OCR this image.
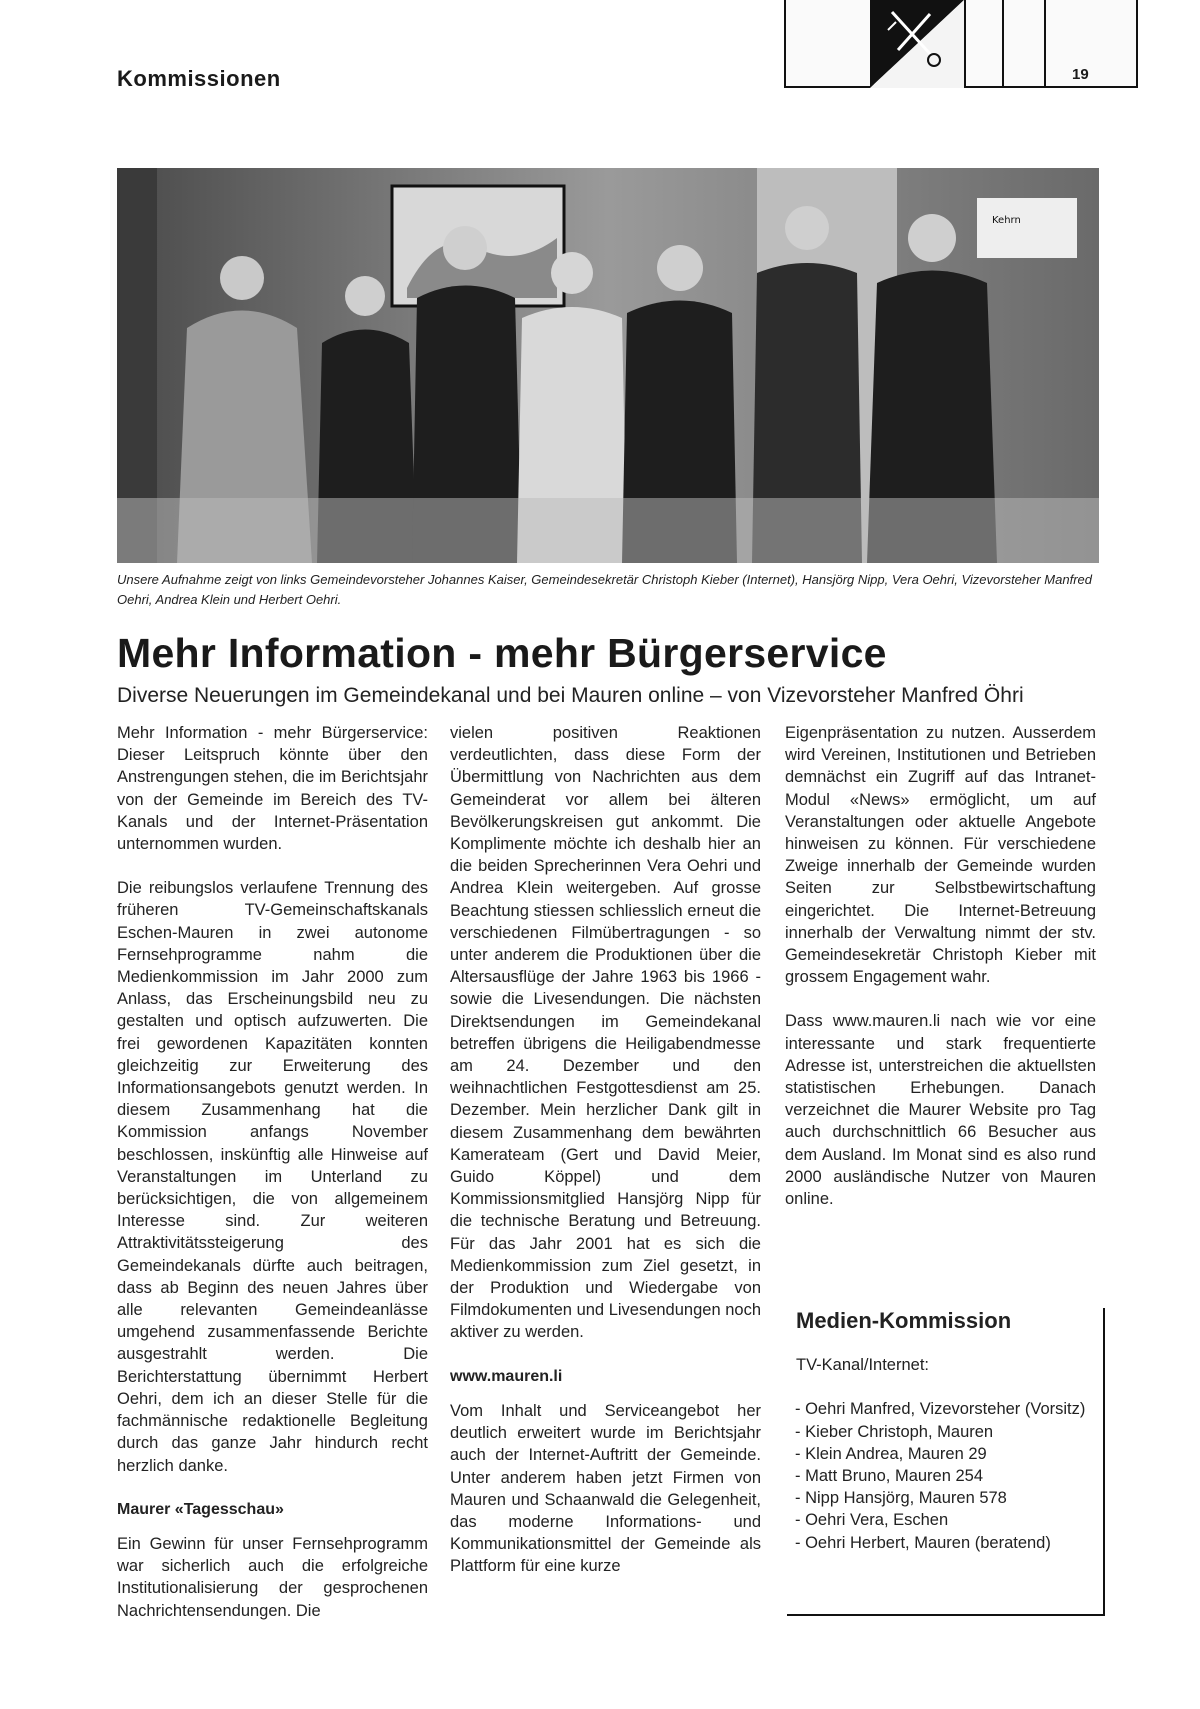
Kommissionen	19
Kehrn
Unsere Aufnahme zeigt von links Gemeindevorsteher Johannes Kaiser, Gemeindesekretär Christoph Kieber (Internet), Hansjörg Nipp, Vera Oehri, Vizevorsteher Manfred Oehri, Andrea Klein und Herbert Oehri.
Mehr Information - mehr Bürgerservice
Diverse Neuerungen im Gemeindekanal und bei Mauren online – von Vizevorsteher Manfred Öhri

Mehr Information - mehr Bürgerservice: Dieser Leitspruch könnte über den Anstrengungen stehen, die im Berichtsjahr von der Gemeinde im Bereich des TV-Kanals und der Internet-Präsentation unternommen wurden.

Die reibungslos verlaufene Trennung des früheren TV-Gemeinschaftskanals Eschen-Mauren in zwei autonome Fernsehprogramme nahm die Medienkommission im Jahr 2000 zum Anlass, das Erscheinungsbild neu zu gestalten und optisch aufzuwerten. Die frei gewordenen Kapazitäten konnten gleichzeitig zur Erweiterung des Informationsangebots genutzt werden. In diesem Zusammenhang hat die Kommission anfangs November beschlossen, inskünftig alle Hinweise auf Veranstaltungen im Unterland zu berücksichtigen, die von allgemeinem Interesse sind. Zur weiteren Attraktivitätssteigerung des Gemeindekanals dürfte auch beitragen, dass ab Beginn des neuen Jahres über alle relevanten Gemeindeanlässe umgehend zusammenfassende Berichte ausgestrahlt werden. Die Berichterstattung übernimmt Herbert Oehri, dem ich an dieser Stelle für die fachmännische redaktionelle Begleitung durch das ganze Jahr hindurch recht herzlich danke.

Maurer «Tagesschau»

Ein Gewinn für unser Fernsehprogramm war sicherlich auch die erfolgreiche Institutionalisierung der gesprochenen Nachrichtensendungen. Die

vielen positiven Reaktionen verdeutlichten, dass diese Form der Übermittlung von Nachrichten aus dem Gemeinderat vor allem bei älteren Bevölkerungskreisen gut ankommt. Die Komplimente möchte ich deshalb hier an die beiden Sprecherinnen Vera Oehri und Andrea Klein weitergeben. Auf grosse Beachtung stiessen schliesslich erneut die verschiedenen Filmübertragungen - so unter anderem die Produktionen über die Altersausflüge der Jahre 1963 bis 1966 - sowie die Livesendungen. Die nächsten Direktsendungen im Gemeindekanal betreffen übrigens die Heiligabendmesse am 24. Dezember und den weihnachtlichen Festgottesdienst am 25. Dezember. Mein herzlicher Dank gilt in diesem Zusammenhang dem bewährten Kamerateam (Gert und David Meier, Guido Köppel) und dem Kommissionsmitglied Hansjörg Nipp für die technische Beratung und Betreuung. Für das Jahr 2001 hat es sich die Medienkommission zum Ziel gesetzt, in der Produktion und Wiedergabe von Filmdokumenten und Livesendungen noch aktiver zu werden.

www.mauren.li

Vom Inhalt und Serviceangebot her deutlich erweitert wurde im Berichtsjahr auch der Internet-Auftritt der Gemeinde. Unter anderem haben jetzt Firmen von Mauren und Schaanwald die Gelegenheit, das moderne Informations- und Kommunikationsmittel der Gemeinde als Plattform für eine kurze

Eigenpräsentation zu nutzen. Ausserdem wird Vereinen, Institutionen und Betrieben demnächst ein Zugriff auf das Intranet-Modul «News» ermöglicht, um auf Veranstaltungen oder aktuelle Angebote hinweisen zu können. Für verschiedene Zweige innerhalb der Gemeinde wurden Seiten zur Selbstbewirtschaftung eingerichtet. Die Internet-Betreuung innerhalb der Verwaltung nimmt der stv. Gemeindesekretär Christoph Kieber mit grossem Engagement wahr.

Dass www.mauren.li nach wie vor eine interessante und stark frequentierte Adresse ist, unterstreichen die aktuellsten statistischen Erhebungen. Danach verzeichnet die Maurer Website pro Tag auch durchschnittlich 66 Besucher aus dem Ausland. Im Monat sind es also rund 2000 ausländische Nutzer von Mauren online.

Medien-Kommission
TV-Kanal/Internet:
- Oehri Manfred, Vizevorsteher (Vorsitz)
- Kieber Christoph, Mauren
- Klein Andrea, Mauren 29
- Matt Bruno, Mauren 254
- Nipp Hansjörg, Mauren 578
- Oehri Vera, Eschen
- Oehri Herbert, Mauren (beratend)
